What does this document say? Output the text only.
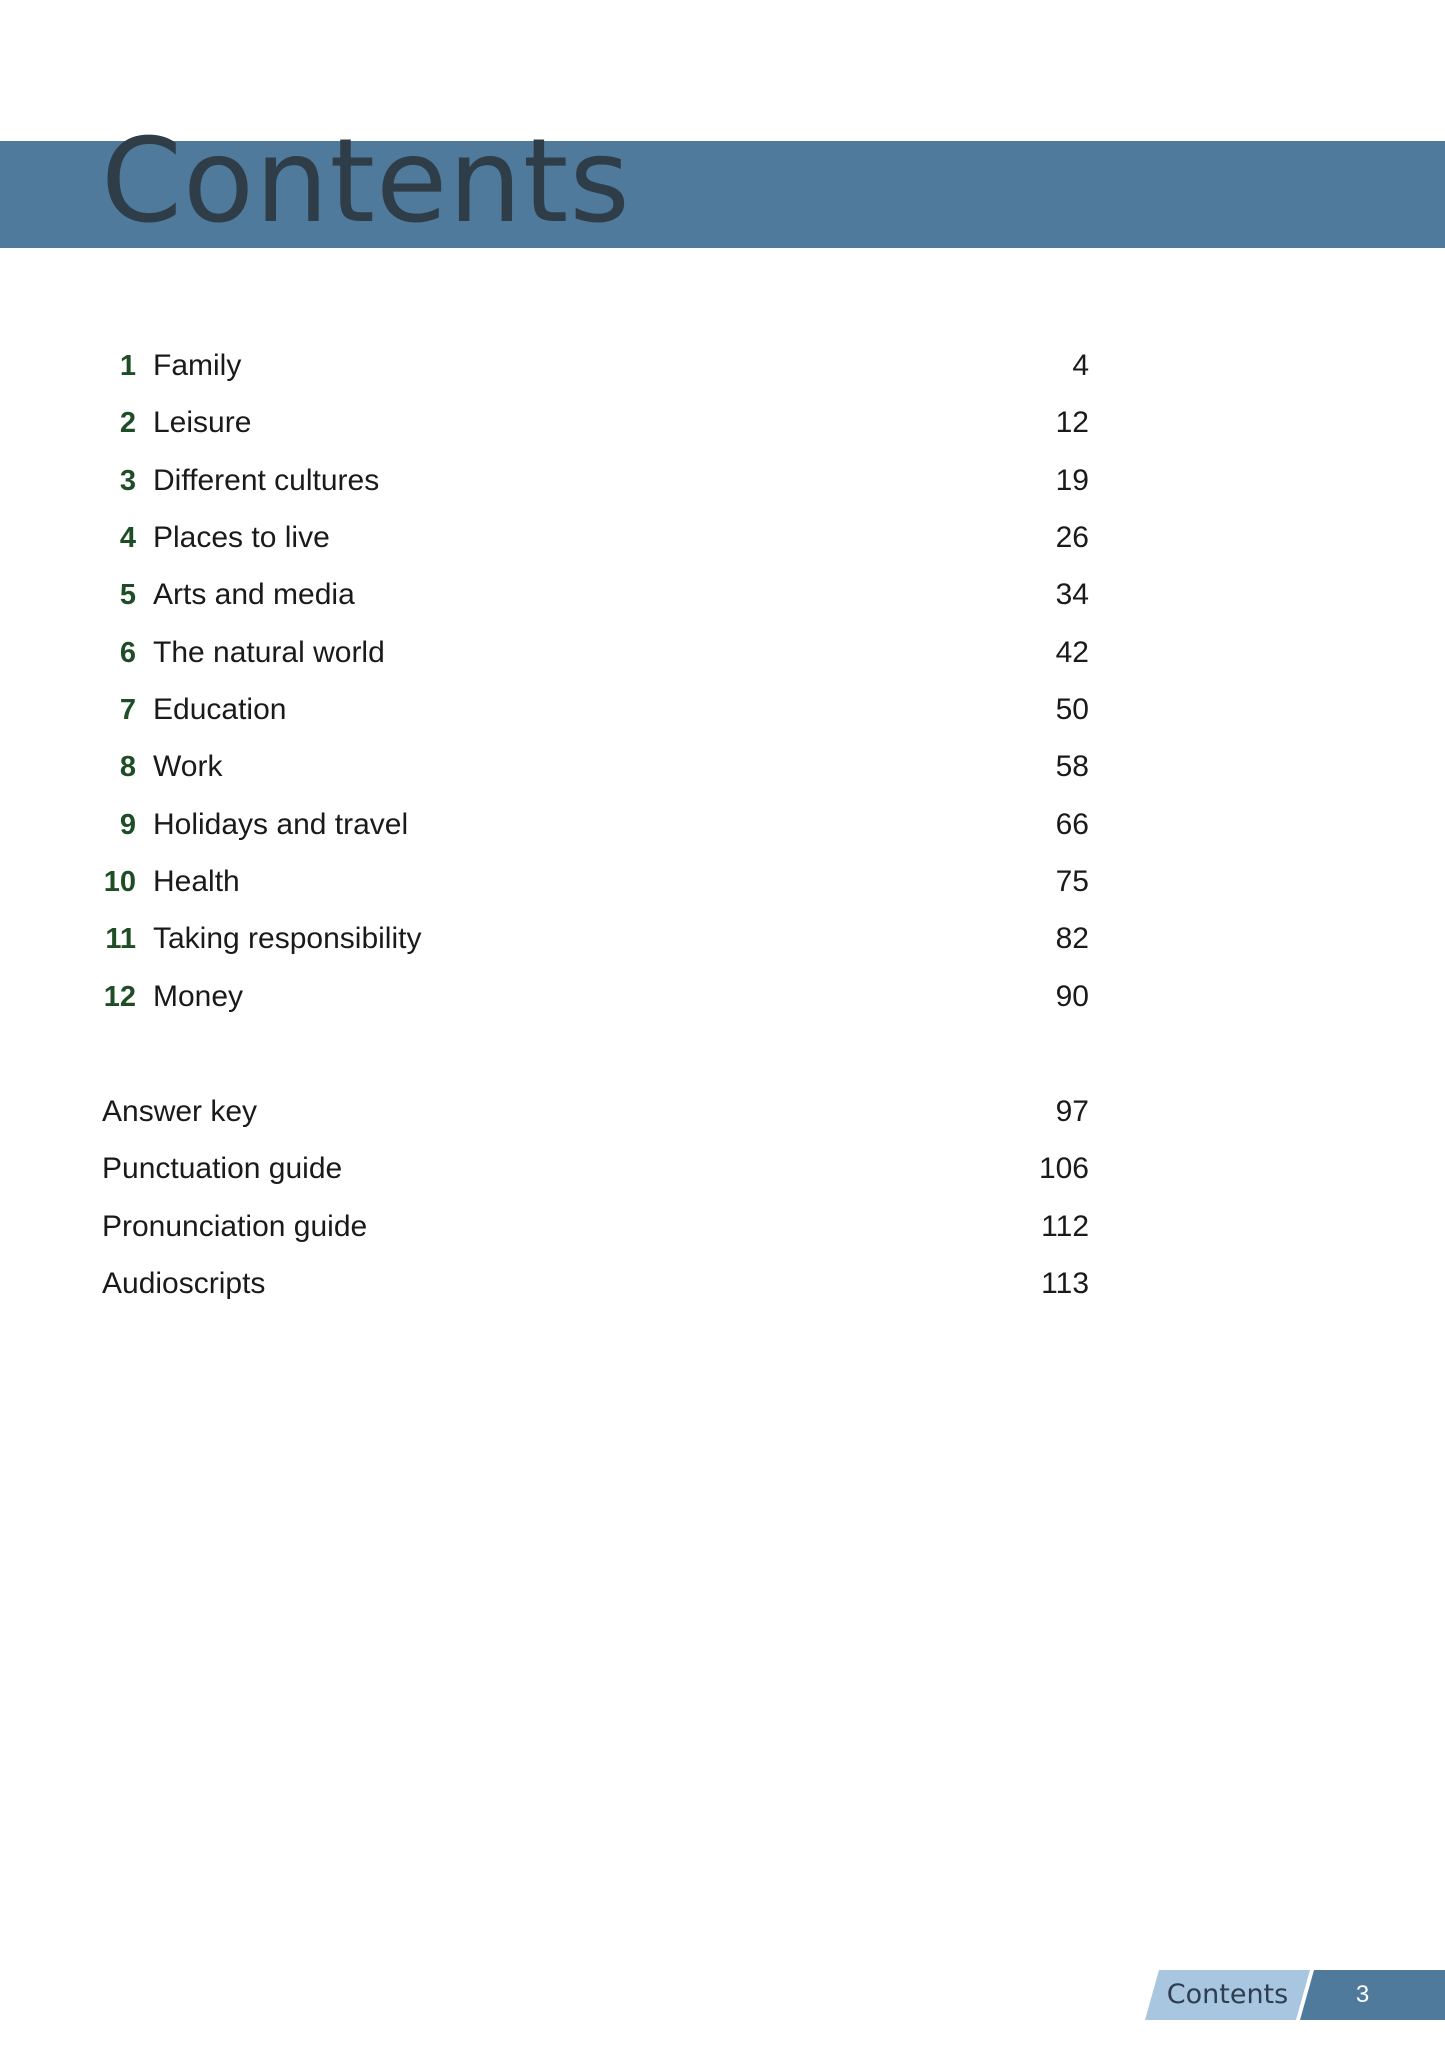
Contents
1 Family	4
2 Leisure	12
3 Different cultures	19
4 Places to live	26
5 Arts and media	34
6 The natural world	42
7 Education	50
8 Work	58
9 Holidays and travel	66
10 Health	75
11 Taking responsibility	82
12 Money	90
Answer key	97
Punctuation guide	106
Pronunciation guide	112
Audioscripts	113
Contents	3
